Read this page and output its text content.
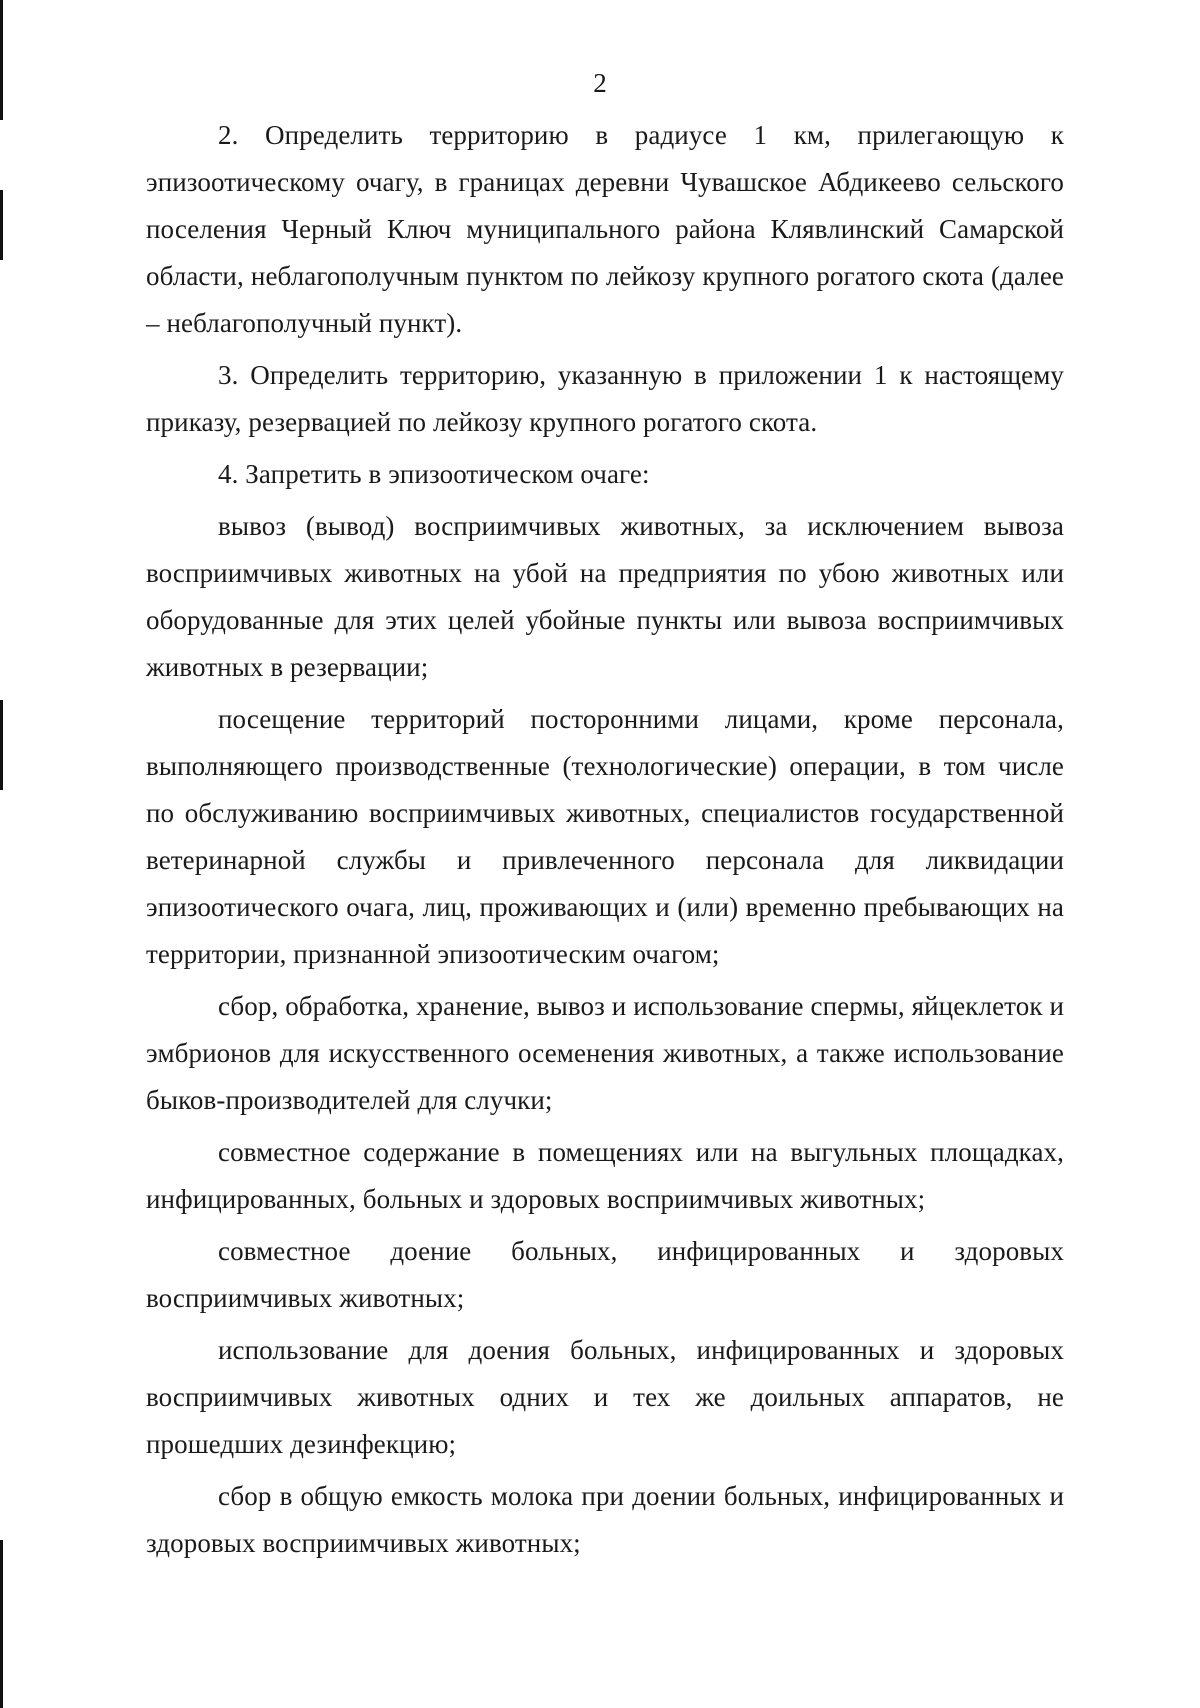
2

2. Определить территорию в радиусе 1 км, прилегающую к эпизоотическому очагу, в границах деревни Чувашское Абдикеево сельского поселения Черный Ключ муниципального района Клявлинский Самарской области, неблагополучным пунктом по лейкозу крупного рогатого скота (далее – неблагополучный пункт).

3. Определить территорию, указанную в приложении 1 к настоящему приказу, резервацией по лейкозу крупного рогатого скота.

4. Запретить в эпизоотическом очаге:

вывоз (вывод) восприимчивых животных, за исключением вывоза восприимчивых животных на убой на предприятия по убою животных или оборудованные для этих целей убойные пункты или вывоза восприимчивых животных в резервации;

посещение территорий посторонними лицами, кроме персонала, выполняющего производственные (технологические) операции, в том числе по обслуживанию восприимчивых животных, специалистов государственной ветеринарной службы и привлеченного персонала для ликвидации эпизоотического очага, лиц, проживающих и (или) временно пребывающих на территории, признанной эпизоотическим очагом;

сбор, обработка, хранение, вывоз и использование спермы, яйцеклеток и эмбрионов для искусственного осеменения животных, а также использование быков-производителей для случки;

совместное содержание в помещениях или на выгульных площадках, инфицированных, больных и здоровых восприимчивых животных;

совместное доение больных, инфицированных и здоровых восприимчивых животных;

использование для доения больных, инфицированных и здоровых восприимчивых животных одних и тех же доильных аппаратов, не прошедших дезинфекцию;

сбор в общую емкость молока при доении больных, инфицированных и здоровых восприимчивых животных;
